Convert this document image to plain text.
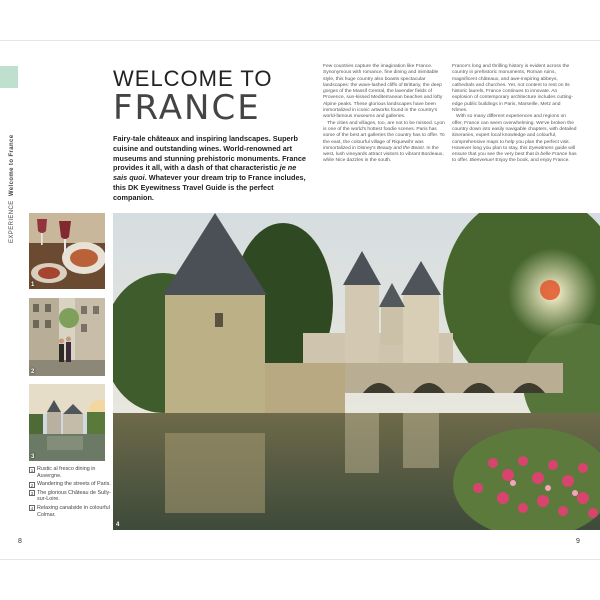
EXPERIENCE  Welcome to France
WELCOME TO
FRANCE
Fairy-tale châteaux and inspiring landscapes. Superb cuisine and outstanding wines. World-renowned art museums and stunning prehistoric monuments. France provides it all, with a dash of that characteristic je ne sais quoi. Whatever your dream trip to France includes, this DK Eyewitness Travel Guide is the perfect companion.

Few countries capture the imagination like France. Synonymous with romance, fine dining and inimitable style, this huge country also boasts spectacular landscapes: the wave-lashed cliffs of Brittany, the deep gorges of the Massif Central, the lavender fields of Provence, sun-kissed Mediterranean beaches and lofty Alpine peaks. These glorious landscapes have been immortalized in iconic artworks found in the country's world-famous museums and galleries.

The cities and villages, too, are not to be missed. Lyon is one of the world's hottest foodie scenes. Paris has some of the best art galleries the country has to offer. To the east, the colourful village of Riquewihr was immortalized in Disney's Beauty and the Beast. In the west, lush vineyards attract visitors to vibrant Bordeaux, while Nice dazzles in the south.

France's long and thrilling history is evident across the country in prehistoric monuments, Roman ruins, magnificent châteaux, and awe-inspiring abbeys, cathedrals and churches. Yet, not content to rest on its historic laurels, France continues to innovate. An explosion of contemporary architecture includes cutting-edge public buildings in Paris, Marseille, Metz and Nîmes.

With so many different experiences and regions on offer, France can seem overwhelming. We've broken the country down into easily navigable chapters, with detailed itineraries, expert local knowledge and colourful, comprehensive maps to help you plan the perfect visit. However long you plan to stay, this Eyewitness guide will ensure that you see the very best that la belle France has to offer. Bienvenue! Enjoy the book, and enjoy France.

1
2
3
1 Rustic al fresco dining in Auvergne.
2 Wandering the streets of Paris.
3 The glorious Château de Sully-sur-Loire.
4 Relaxing canalside in colourful Colmar.
4
8	9
